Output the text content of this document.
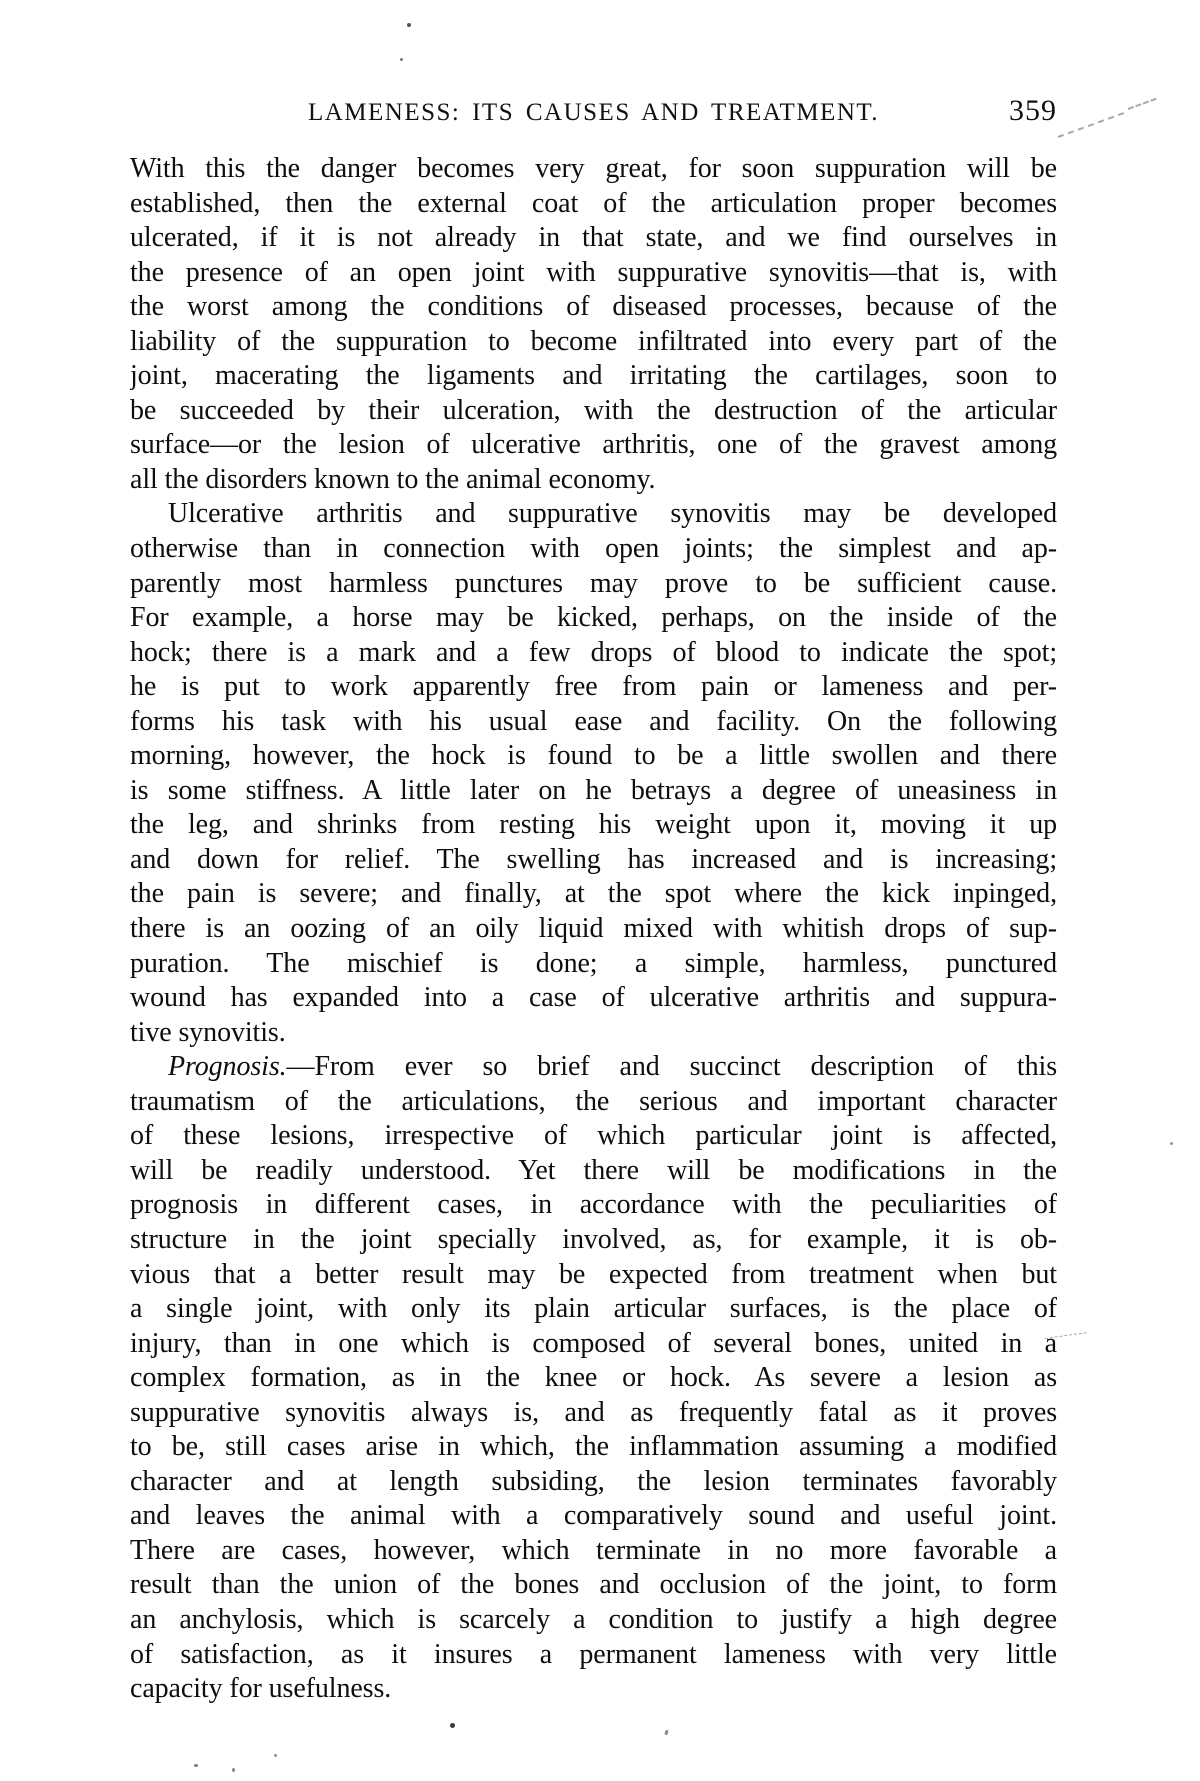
LAMENESS: ITS CAUSES AND TREATMENT.	359
With this the danger becomes very great, for soon suppuration will be
established, then the external coat of the articulation proper becomes
ulcerated, if it is not already in that state, and we find ourselves in
the presence of an open joint with suppurative synovitis—that is, with
the worst among the conditions of diseased processes, because of the
liability of the suppuration to become infiltrated into every part of the
joint, macerating the ligaments and irritating the cartilages, soon to
be succeeded by their ulceration, with the destruction of the articular
surface—or the lesion of ulcerative arthritis, one of the gravest among
all the disorders known to the animal economy.
Ulcerative arthritis and suppurative synovitis may be developed
otherwise than in connection with open joints; the simplest and ap-
parently most harmless punctures may prove to be sufficient cause.
For example, a horse may be kicked, perhaps, on the inside of the
hock; there is a mark and a few drops of blood to indicate the spot;
he is put to work apparently free from pain or lameness and per-
forms his task with his usual ease and facility. On the following
morning, however, the hock is found to be a little swollen and there
is some stiffness. A little later on he betrays a degree of uneasiness in
the leg, and shrinks from resting his weight upon it, moving it up
and down for relief. The swelling has increased and is increasing;
the pain is severe; and finally, at the spot where the kick inpinged,
there is an oozing of an oily liquid mixed with whitish drops of sup-
puration. The mischief is done; a simple, harmless, punctured
wound has expanded into a case of ulcerative arthritis and suppura-
tive synovitis.
Prognosis.—From ever so brief and succinct description of this
traumatism of the articulations, the serious and important character
of these lesions, irrespective of which particular joint is affected,
will be readily understood. Yet there will be modifications in the
prognosis in different cases, in accordance with the peculiarities of
structure in the joint specially involved, as, for example, it is ob-
vious that a better result may be expected from treatment when but
a single joint, with only its plain articular surfaces, is the place of
injury, than in one which is composed of several bones, united in a
complex formation, as in the knee or hock. As severe a lesion as
suppurative synovitis always is, and as frequently fatal as it proves
to be, still cases arise in which, the inflammation assuming a modified
character and at length subsiding, the lesion terminates favorably
and leaves the animal with a comparatively sound and useful joint.
There are cases, however, which terminate in no more favorable a
result than the union of the bones and occlusion of the joint, to form
an anchylosis, which is scarcely a condition to justify a high degree
of satisfaction, as it insures a permanent lameness with very little
capacity for usefulness.
